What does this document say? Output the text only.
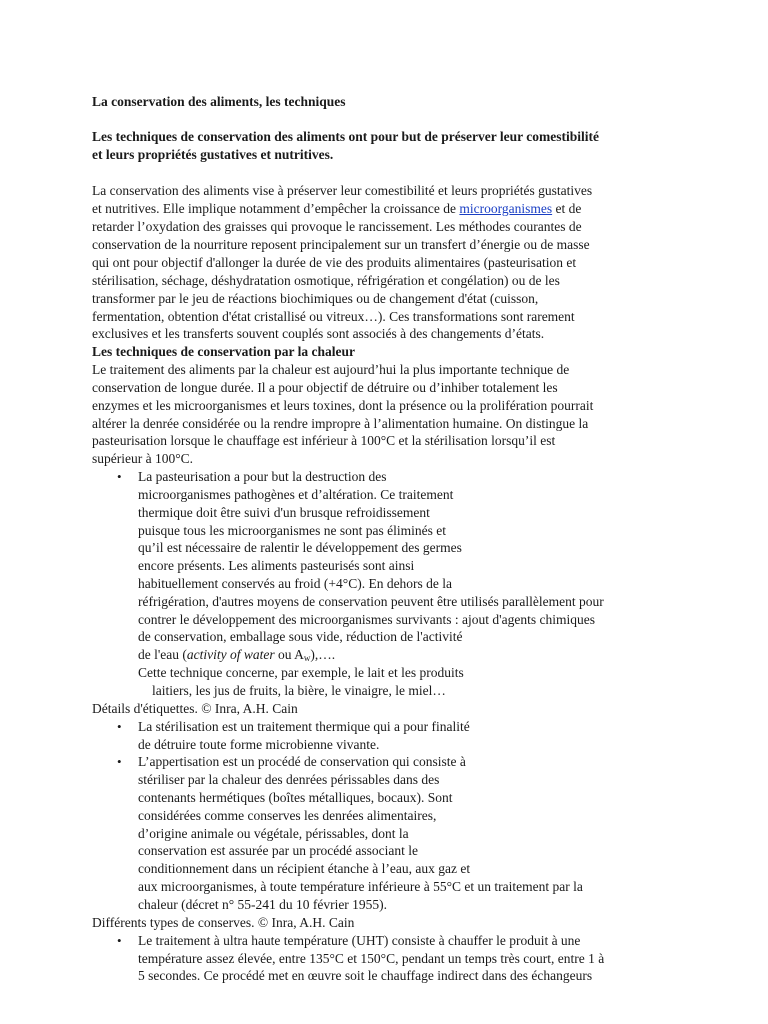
La conservation des aliments, les techniques
Les techniques de conservation des aliments ont pour but de préserver leur comestibilité
et leurs propriétés gustatives et nutritives.
La conservation des aliments vise à préserver leur comestibilité et leurs propriétés gustatives
et nutritives. Elle implique notamment d’empêcher la croissance de microorganismes et de
retarder l’oxydation des graisses qui provoque le rancissement. Les méthodes courantes de
conservation de la nourriture reposent principalement sur un transfert d’énergie ou de masse
qui ont pour objectif d'allonger la durée de vie des produits alimentaires (pasteurisation et
stérilisation, séchage, déshydratation osmotique, réfrigération et congélation) ou de les
transformer par le jeu de réactions biochimiques ou de changement d'état (cuisson,
fermentation, obtention d'état cristallisé ou vitreux…). Ces transformations sont rarement
exclusives et les transferts souvent couplés sont associés à des changements d’états.
Les techniques de conservation par la chaleur
Le traitement des aliments par la chaleur est aujourd’hui la plus importante technique de
conservation de longue durée. Il a pour objectif de détruire ou d’inhiber totalement les
enzymes et les microorganismes et leurs toxines, dont la présence ou la prolifération pourrait
altérer la denrée considérée ou la rendre impropre à l’alimentation humaine. On distingue la
pasteurisation lorsque le chauffage est inférieur à 100°C et la stérilisation lorsqu’il est
supérieur à 100°C.
• La pasteurisation a pour but la destruction des
microorganismes pathogènes et d’altération. Ce traitement
thermique doit être suivi d'un brusque refroidissement
puisque tous les microorganismes ne sont pas éliminés et
qu’il est nécessaire de ralentir le développement des germes
encore présents. Les aliments pasteurisés sont ainsi
habituellement conservés au froid (+4°C). En dehors de la
réfrigération, d'autres moyens de conservation peuvent être utilisés parallèlement pour
contrer le développement des microorganismes survivants : ajout d'agents chimiques
de conservation, emballage sous vide, réduction de l'activité
de l'eau (activity of water ou $A_w),\dots$.
Cette technique concerne, par exemple, le lait et les produits
laitiers, les jus de fruits, la bière, le vinaigre, le miel…
Détails d'étiquettes. © Inra, A.H. Cain
• La stérilisation est un traitement thermique qui a pour finalité
de détruire toute forme microbienne vivante.
• L’appertisation est un procédé de conservation qui consiste à
stériliser par la chaleur des denrées périssables dans des
contenants hermétiques (boîtes métalliques, bocaux). Sont
considérées comme conserves les denrées alimentaires,
d’origine animale ou végétale, périssables, dont la
conservation est assurée par un procédé associant le
conditionnement dans un récipient étanche à l’eau, aux gaz et
aux microorganismes, à toute température inférieure à 55°C et un traitement par la
chaleur (décret n° 55-241 du 10 février 1955).
Différents types de conserves. © Inra, A.H. Cain
• Le traitement à ultra haute température (UHT) consiste à chauffer le produit à une
température assez élevée, entre 135°C et 150°C, pendant un temps très court, entre 1 à
5 secondes. Ce procédé met en œuvre soit le chauffage indirect dans des échangeurs
